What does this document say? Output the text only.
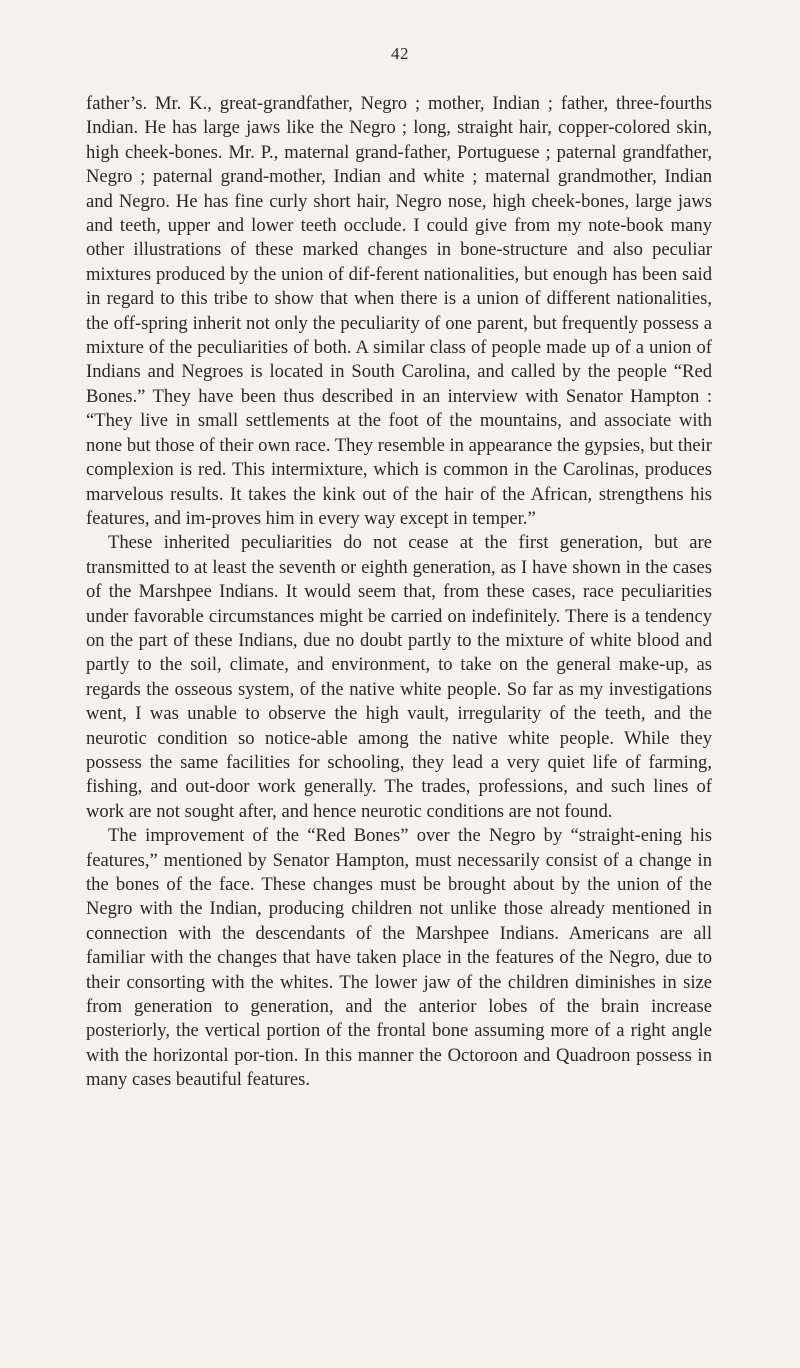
42

father’s. Mr. K., great-grandfather, Negro ; mother, Indian ; father, three-fourths Indian. He has large jaws like the Negro ; long, straight hair, copper-colored skin, high cheek-bones. Mr. P., maternal grand-father, Portuguese ; paternal grandfather, Negro ; paternal grand-mother, Indian and white ; maternal grandmother, Indian and Negro. He has fine curly short hair, Negro nose, high cheek-bones, large jaws and teeth, upper and lower teeth occlude. I could give from my note-book many other illustrations of these marked changes in bone-structure and also peculiar mixtures produced by the union of dif-ferent nationalities, but enough has been said in regard to this tribe to show that when there is a union of different nationalities, the off-spring inherit not only the peculiarity of one parent, but frequently possess a mixture of the peculiarities of both. A similar class of people made up of a union of Indians and Negroes is located in South Carolina, and called by the people “Red Bones.” They have been thus described in an interview with Senator Hampton : “They live in small settlements at the foot of the mountains, and associate with none but those of their own race. They resemble in appearance the gypsies, but their complexion is red. This intermixture, which is common in the Carolinas, produces marvelous results. It takes the kink out of the hair of the African, strengthens his features, and im-proves him in every way except in temper.”

These inherited peculiarities do not cease at the first generation, but are transmitted to at least the seventh or eighth generation, as I have shown in the cases of the Marshpee Indians. It would seem that, from these cases, race peculiarities under favorable circumstances might be carried on indefinitely. There is a tendency on the part of these Indians, due no doubt partly to the mixture of white blood and partly to the soil, climate, and environment, to take on the general make-up, as regards the osseous system, of the native white people. So far as my investigations went, I was unable to observe the high vault, irregularity of the teeth, and the neurotic condition so notice-able among the native white people. While they possess the same facilities for schooling, they lead a very quiet life of farming, fishing, and out-door work generally. The trades, professions, and such lines of work are not sought after, and hence neurotic conditions are not found.

The improvement of the “Red Bones” over the Negro by “straight-ening his features,” mentioned by Senator Hampton, must necessarily consist of a change in the bones of the face. These changes must be brought about by the union of the Negro with the Indian, producing children not unlike those already mentioned in connection with the descendants of the Marshpee Indians. Americans are all familiar with the changes that have taken place in the features of the Negro, due to their consorting with the whites. The lower jaw of the children diminishes in size from generation to generation, and the anterior lobes of the brain increase posteriorly, the vertical portion of the frontal bone assuming more of a right angle with the horizontal por-tion. In this manner the Octoroon and Quadroon possess in many cases beautiful features.
